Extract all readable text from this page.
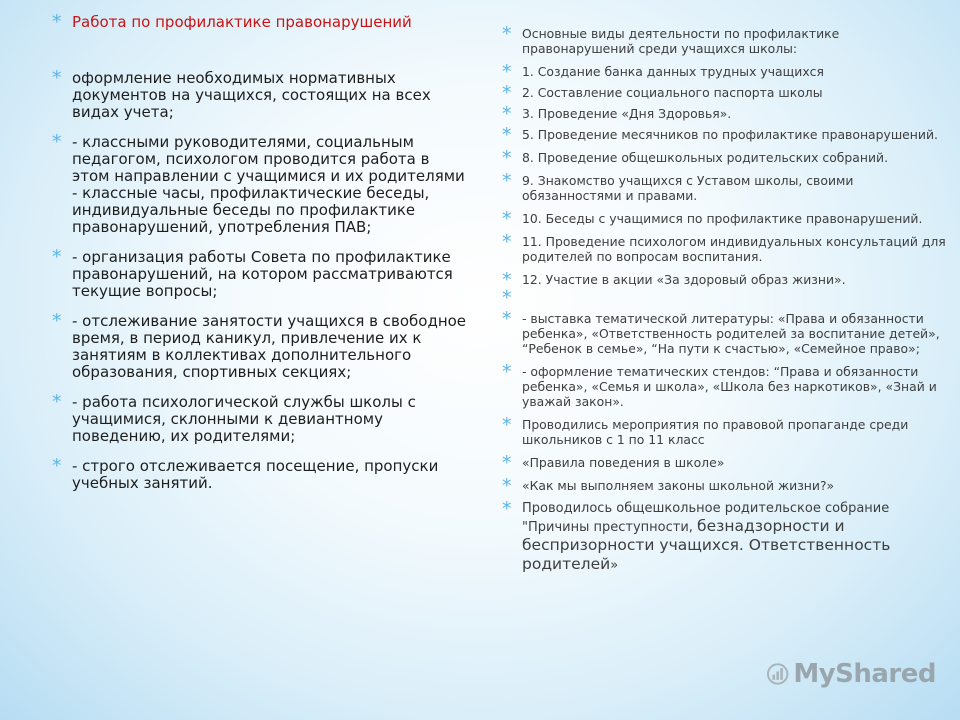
* Работа по профилактике правонарушений
* оформление необходимых нормативных документов на учащихся, состоящих на всех видах учета;
* - классными руководителями, социальным педагогом, психологом проводится работа в этом направлении с учащимися и их родителями - классные часы, профилактические беседы, индивидуальные беседы по профилактике правонарушений, употребления ПАВ;
* - организация работы Совета по профилактике правонарушений, на котором рассматриваются текущие вопросы;
* - отслеживание занятости учащихся в свободное время, в период каникул, привлечение их к занятиям в коллективах дополнительного образования, спортивных секциях;
* - работа психологической службы школы с учащимися, склонными к девиантному поведению, их родителями;
* - строго отслеживается посещение, пропуски учебных занятий.
* Основные виды деятельности по профилактике правонарушений среди учащихся школы:
* 1. Создание банка данных трудных учащихся
* 2. Составление социального паспорта школы
* 3. Проведение «Дня Здоровья».
* 5. Проведение месячников по профилактике правонарушений.
* 8. Проведение общешкольных родительских собраний.
* 9. Знакомство учащихся с Уставом школы, своими обязанностями и правами.
* 10. Беседы с учащимися по профилактике правонарушений.
* 11. Проведение психологом индивидуальных консультаций для родителей по вопросам воспитания.
* 12. Участие в акции «За здоровый образ жизни».
*
* - выставка тематической литературы: «Права и обязанности ребенка», «Ответственность родителей за воспитание детей», “Ребенок в семье», “На пути к счастью», «Семейное право»;
* - оформление тематических стендов: “Права и обязанности ребенка», «Семья и школа», «Школа без наркотиков», «Знай и уважай закон».
* Проводились мероприятия по правовой пропаганде среди школьников с 1 по 11 класс
* «Правила поведения в школе»
* «Как мы выполняем законы школьной жизни?»
* Проводилось общешкольное родительское собрание "Причины преступности, безнадзорности и беспризорности учащихся. Ответственность родителей»
MyShared
